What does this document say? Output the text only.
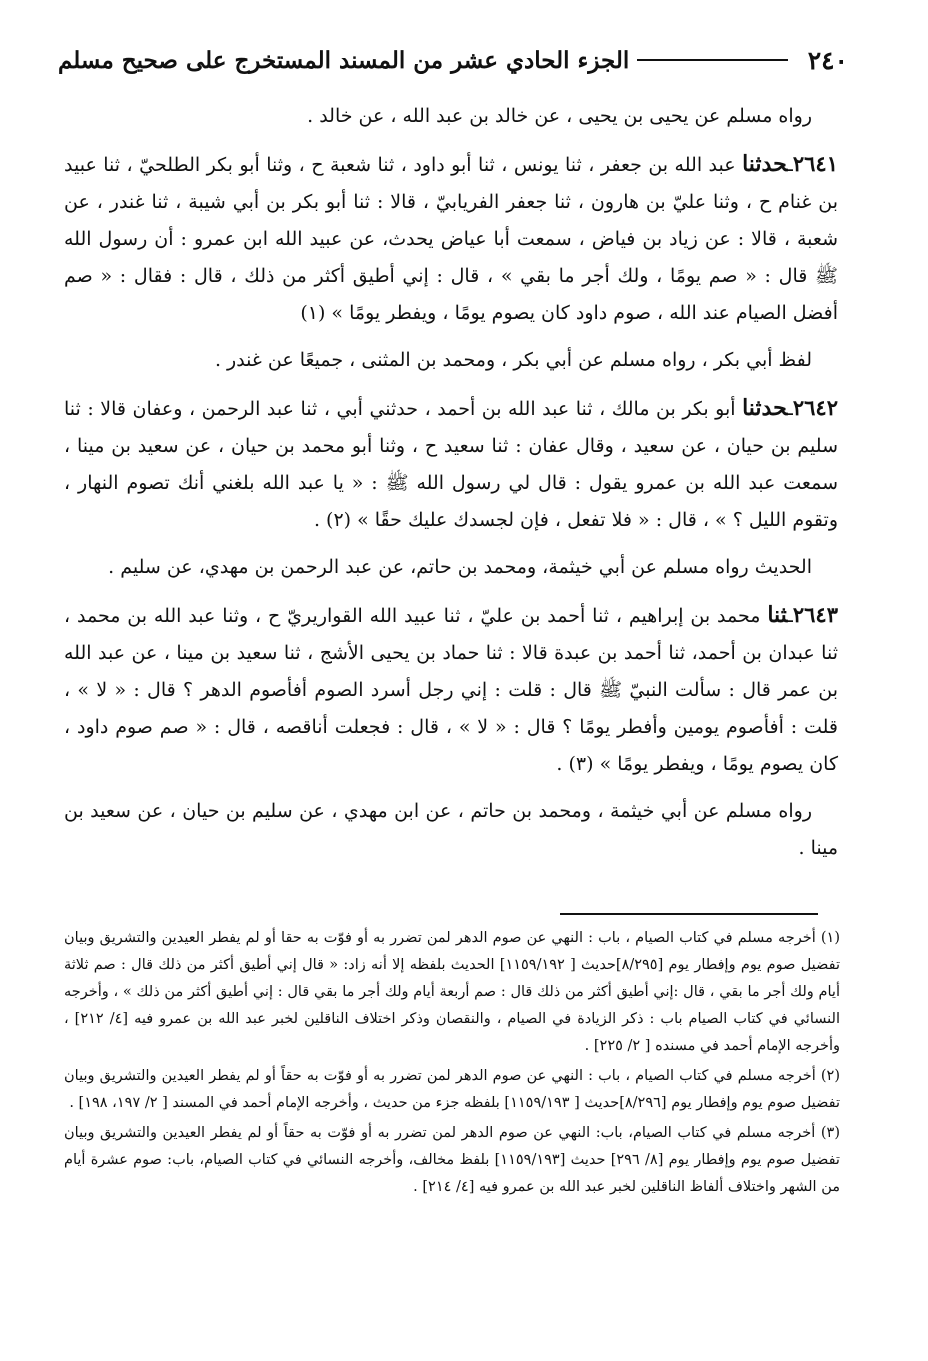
٢٤٠
الجزء الحادي عشر من المسند المستخرج على صحيح مسلم

رواه مسلم عن يحيى بن يحيى ، عن خالد بن عبد الله ، عن خالد .

٢٦٤١ـحدثنا عبد الله بن جعفر ، ثنا يونس ، ثنا أبو داود ، ثنا شعبة ح ، وثنا أبو بكر الطلحيّ ، ثنا عبيد بن غنام ح ، وثنا عليّ بن هارون ، ثنا جعفر الفريابيّ ، قالا : ثنا أبو بكر بن أبي شيبة ، ثنا غندر ، عن شعبة ، قالا : عن زياد بن فياض ، سمعت أبا عياض يحدث، عن عبيد الله ابن عمرو : أن رسول الله ﷺ قال : « صم يومًا ، ولك أجر ما بقي » ، قال : إني أطيق أكثر من ذلك ، قال : فقال : « صم أفضل الصيام عند الله ، صوم داود كان يصوم يومًا ، ويفطر يومًا » (١)

لفظ أبي بكر ، رواه مسلم عن أبي بكر ، ومحمد بن المثنى ، جميعًا عن غندر .

٢٦٤٢ـحدثنا أبو بكر بن مالك ، ثنا عبد الله بن أحمد ، حدثني أبي ، ثنا عبد الرحمن ، وعفان قالا : ثنا سليم بن حيان ، عن سعيد ، وقال عفان : ثنا سعيد ح ، وثنا أبو محمد بن حيان ، عن سعيد بن مينا ، سمعت عبد الله بن عمرو يقول : قال لي رسول الله ﷺ : « يا عبد الله بلغني أنك تصوم النهار ، وتقوم الليل ؟ » ، قال : « فلا تفعل ، فإن لجسدك عليك حقًا » (٢) .

الحديث رواه مسلم عن أبي خيثمة، ومحمد بن حاتم، عن عبد الرحمن بن مهدي، عن سليم .

٢٦٤٣ـثنا محمد بن إبراهيم ، ثنا أحمد بن عليّ ، ثنا عبيد الله القواريريّ ح ، وثنا عبد الله بن محمد ، ثنا عبدان بن أحمد، ثنا أحمد بن عبدة قالا : ثنا حماد بن يحيى الأشج ، ثنا سعيد بن مينا ، عن عبد الله بن عمر قال : سألت النبيّ ﷺ قال : قلت : إني رجل أسرد الصوم أفأصوم الدهر ؟ قال : « لا » ، قلت : أفأصوم يومين وأفطر يومًا ؟ قال : « لا » ، قال : فجعلت أناقصه ، قال : « صم صوم داود ، كان يصوم يومًا ، ويفطر يومًا » (٣) .

رواه مسلم عن أبي خيثمة ، ومحمد بن حاتم ، عن ابن مهدي ، عن سليم بن حيان ، عن سعيد بن مينا .

(١) أخرجه مسلم في كتاب الصيام ، باب : النهي عن صوم الدهر لمن تضرر به أو فوّت به حقا أو لم يفطر العيدين والتشريق وبيان تفضيل صوم يوم وإفطار يوم [٨/٢٩٥]حديث [ ١١٥٩/١٩٢] الحديث بلفظه إلا أنه زاد: « قال إني أطيق أكثر من ذلك قال : صم ثلاثة أيام ولك أجر ما بقي ، قال :إني أطيق أكثر من ذلك قال : صم أربعة أيام ولك أجر ما بقي قال : إني أطيق أكثر من ذلك » ، وأخرجه النسائي في كتاب الصيام باب : ذكر الزيادة في الصيام ، والنقصان وذكر اختلاف الناقلين لخبر عبد الله بن عمرو فيه [٤/ ٢١٢] ، وأخرجه الإمام أحمد في مسنده [ ٢/ ٢٢٥] .

(٢) أخرجه مسلم في كتاب الصيام ، باب : النهي عن صوم الدهر لمن تضرر به أو فوّت به حقاً أو لم يفطر العيدين والتشريق وبيان تفضيل صوم يوم وإفطار يوم [٨/٢٩٦]حديث [ ١١٥٩/١٩٣] بلفظه جزء من حديث ، وأخرجه الإمام أحمد في المسند [ ٢/ ١٩٧، ١٩٨] .

(٣) أخرجه مسلم في كتاب الصيام، باب: النهي عن صوم الدهر لمن تضرر به أو فوّت به حقاً أو لم يفطر العيدين والتشريق وبيان تفضيل صوم يوم وإفطار يوم [٨/ ٢٩٦] حديث [١١٥٩/١٩٣] بلفظ مخالف، وأخرجه النسائي في كتاب الصيام، باب: صوم عشرة أيام من الشهر واختلاف ألفاظ الناقلين لخبر عبد الله بن عمرو فيه [٤/ ٢١٤] .
